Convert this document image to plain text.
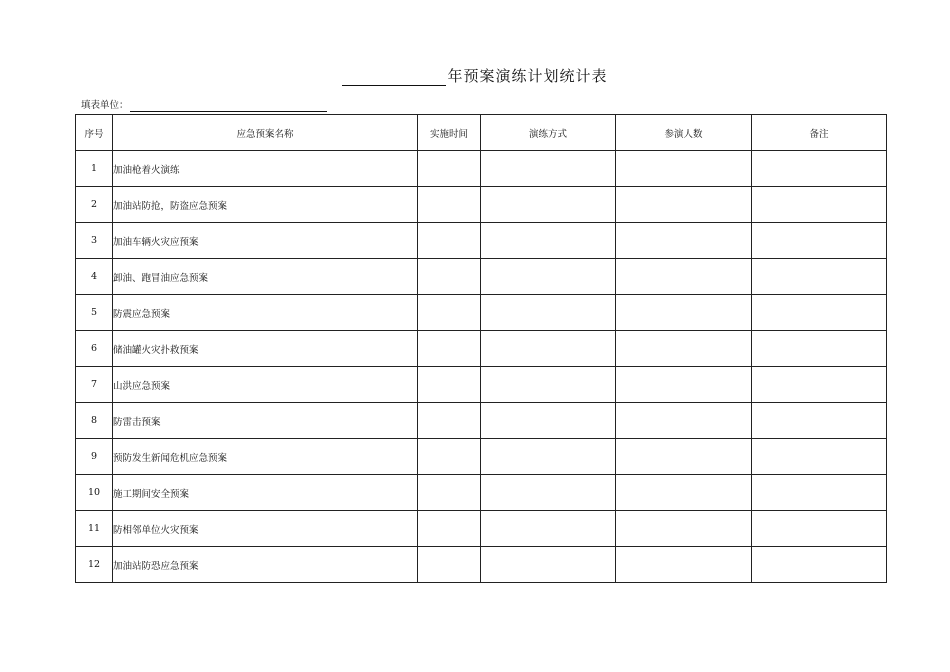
年预案演练计划统计表
填表单位：
序号	应急预案名称	实施时间	演练方式	参演人数	备注
1	加油枪着火演练				
2	加油站防抢，防盗应急预案				
3	加油车辆火灾应预案				
4	卸油、跑冒油应急预案				
5	防震应急预案				
6	储油罐火灾扑救预案				
7	山洪应急预案				
8	防雷击预案				
9	预防发生新闻危机应急预案				
10	施工期间安全预案				
11	防相邻单位火灾预案				
12	加油站防恐应急预案				
